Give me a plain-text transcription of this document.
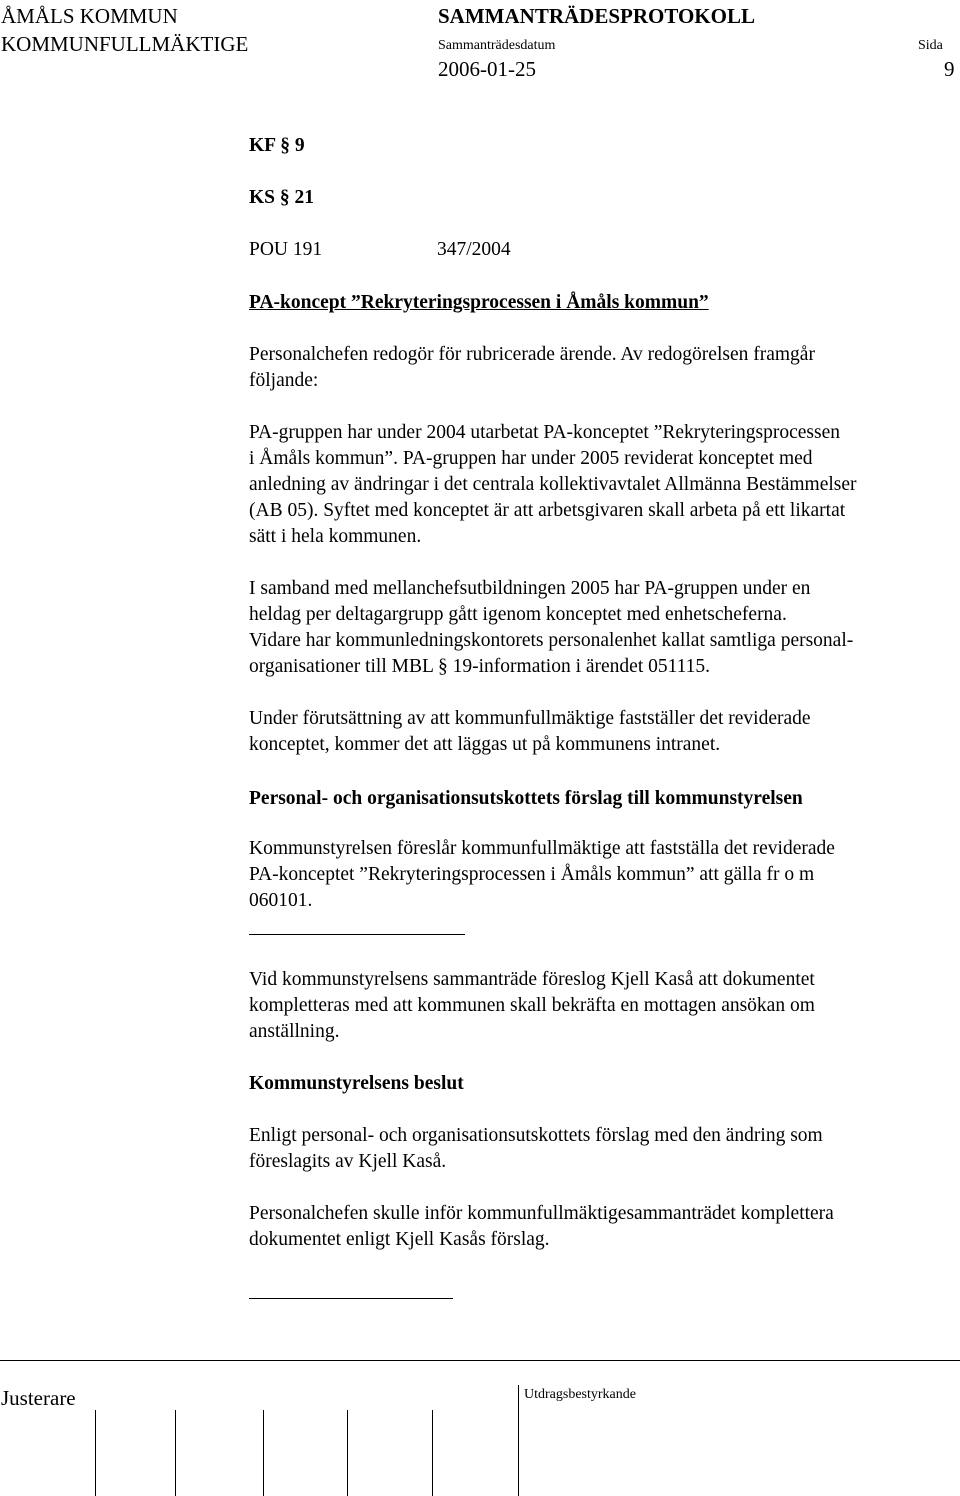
ÅMÅLS KOMMUN
KOMMUNFULLMÄKTIGE
SAMMANTRÄDESPROTOKOLL
Sammanträdesdatum
2006-01-25
Sida
9
KF § 9
KS § 21
POU 191	347/2004
PA-koncept ”Rekryteringsprocessen i Åmåls kommun”
Personalchefen redogör för rubricerade ärende. Av redogörelsen framgår
följande:
PA-gruppen har under 2004 utarbetat PA-konceptet ”Rekryteringsprocessen
i Åmåls kommun”. PA-gruppen har under 2005 reviderat konceptet med
anledning av ändringar i det centrala kollektivavtalet Allmänna Bestämmelser
(AB 05). Syftet med konceptet är att arbetsgivaren skall arbeta på ett likartat
sätt i hela kommunen.
I samband med mellanchefsutbildningen 2005 har PA-gruppen under en
heldag per deltagargrupp gått igenom konceptet med enhetscheferna.
Vidare har kommunledningskontorets personalenhet kallat samtliga personal-
organisationer till MBL § 19-information i ärendet 051115.
Under förutsättning av att kommunfullmäktige fastställer det reviderade
konceptet, kommer det att läggas ut på kommunens intranet.
Personal- och organisationsutskottets förslag till kommunstyrelsen
Kommunstyrelsen föreslår kommunfullmäktige att fastställa det reviderade
PA-konceptet ”Rekryteringsprocessen i Åmåls kommun” att gälla fr o m
060101.
Vid kommunstyrelsens sammanträde föreslog Kjell Kaså att dokumentet
kompletteras med att kommunen skall bekräfta en mottagen ansökan om
anställning.
Kommunstyrelsens beslut
Enligt personal- och organisationsutskottets förslag med den ändring som
föreslagits av Kjell Kaså.
Personalchefen skulle inför kommunfullmäktigesammanträdet komplettera
dokumentet enligt Kjell Kasås förslag.
Justerare	Utdragsbestyrkande
